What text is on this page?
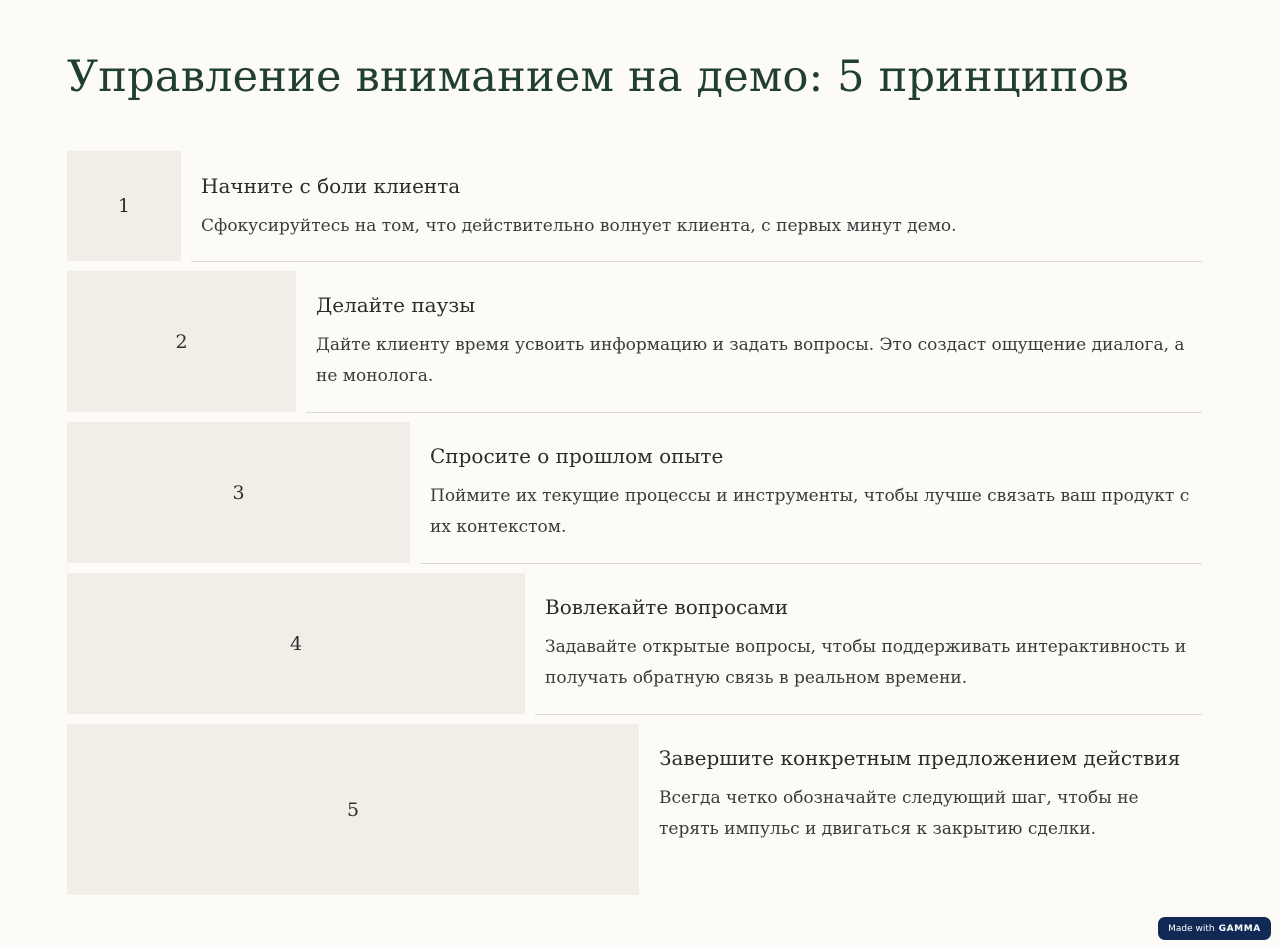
Управление вниманием на демо: 5 принципов
1
Начните с боли клиента
Сфокусируйтесь на том, что действительно волнует клиента, с первых минут демо.
2
Делайте паузы
Дайте клиенту время усвоить информацию и задать вопросы. Это создаст ощущение диалога, а не монолога.
3
Спросите о прошлом опыте
Поймите их текущие процессы и инструменты, чтобы лучше связать ваш продукт с их контекстом.
4
Вовлекайте вопросами
Задавайте открытые вопросы, чтобы поддерживать интерактивность и получать обратную связь в реальном времени.
5
Завершите конкретным предложением действия
Всегда четко обозначайте следующий шаг, чтобы не терять импульс и двигаться к закрытию сделки.
Made with GAMMA
